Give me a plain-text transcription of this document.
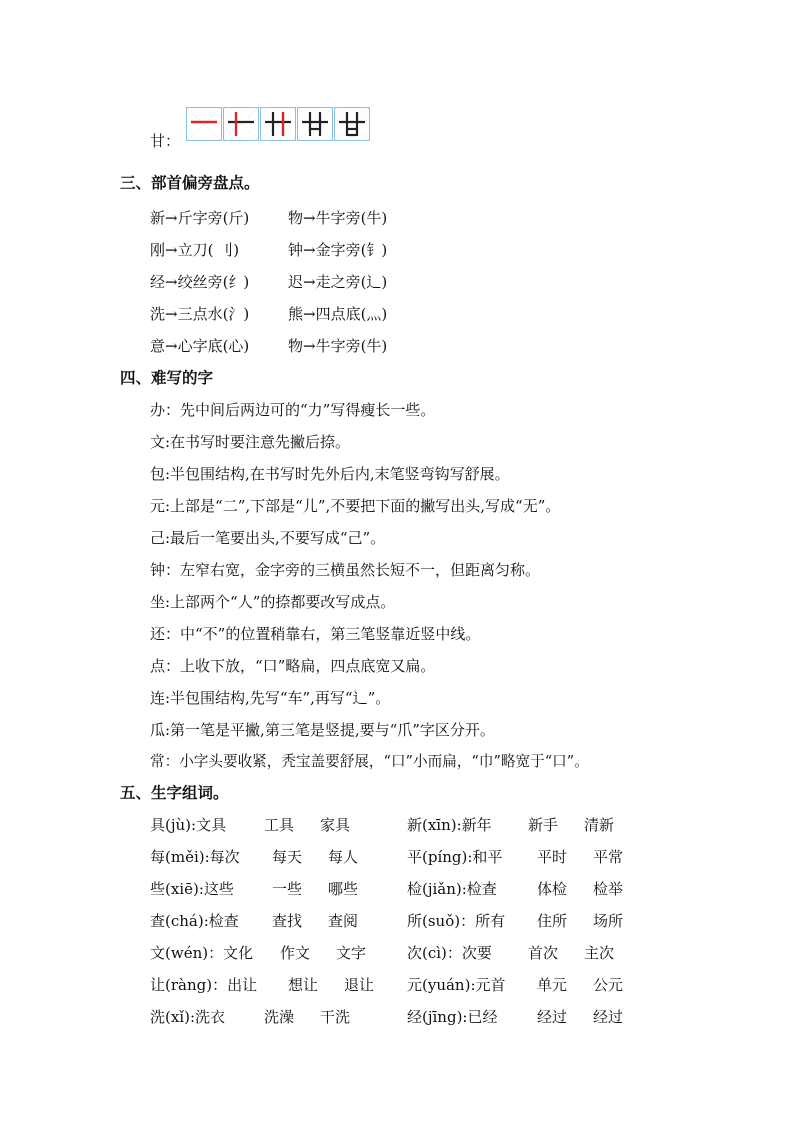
甘：
三、部首偏旁盘点。
新→斤字旁(斤)	物→牛字旁(牛)
刚→立刀( 刂)	钟→金字旁(钅)
经→绞丝旁(纟)	迟→走之旁(辶)
洗→三点水(氵)	熊→四点底(灬)
意→心字底(心)	物→牛字旁(牛)
四、难写的字
办：先中间后两边可的“力”写得瘦长一些。
文:在书写时要注意先撇后捺。
包:半包围结构,在书写时先外后内,末笔竖弯钩写舒展。
元:上部是“二”,下部是“儿”,不要把下面的撇写出头,写成“无”。
己:最后一笔要出头,不要写成“己”。
钟：左窄右宽，金字旁的三横虽然长短不一，但距离匀称。
坐:上部两个“人”的捺都要改写成点。
还：中“不”的位置稍靠右，第三笔竖靠近竖中线。
点：上收下放，“口”略扁，四点底宽又扁。
连:半包围结构,先写“车”,再写“辶”。
瓜:第一笔是平撇,第三笔是竖提,要与“爪”字区分开。
常：小字头要收紧，秃宝盖要舒展，“口”小而扁，“巾”略宽于“口”。
五、生字组词。
具(jù):文具	工具 家具	新(xīn):新年 新手 清新
每(měi):每次 每天 每人	平(píng):和平 平时 平常
些(xiē):这些	一些 哪些	检(jiǎn):检查	体检 检举
查(chá):检查 查找 查阅	所(suǒ)：所有 住所 场所
文(wén)：文化 作文 文字	次(cì)：次要 首次 主次
让(ràng)：出让 想让 退让 元(yuán):元首 单元 公元
洗(xǐ):洗衣	洗澡 干洗	经(jīng):已经	经过 经过
